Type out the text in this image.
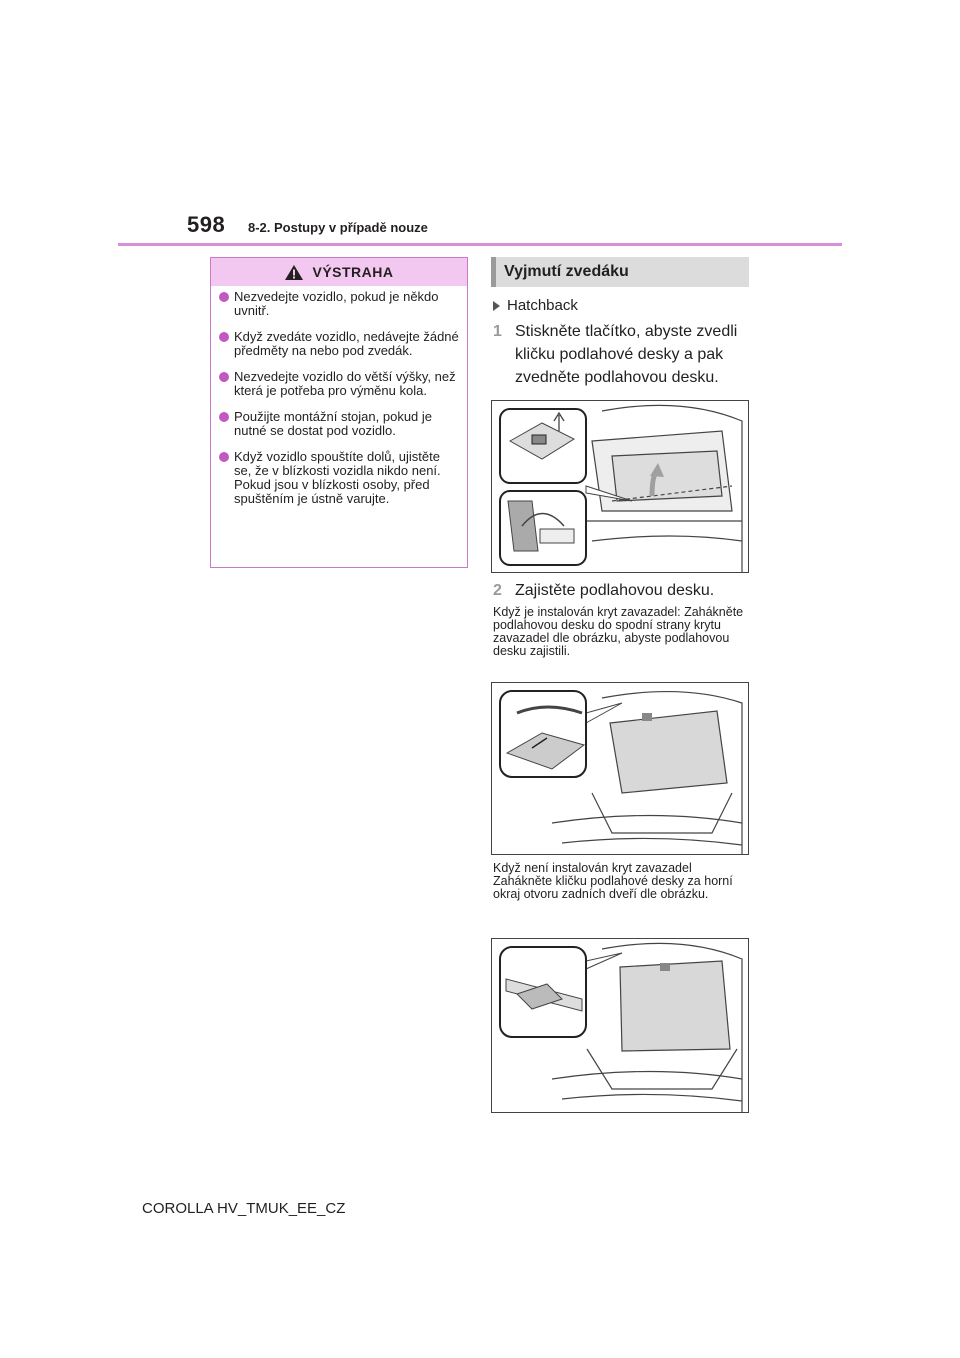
598 8-2. Postupy v případě nouze
VÝSTRAHA
Nezvedejte vozidlo, pokud je někdo uvnitř.
Když zvedáte vozidlo, nedávejte žádné předměty na nebo pod zvedák.
Nezvedejte vozidlo do větší výšky, než která je potřeba pro výměnu kola.
Použijte montážní stojan, pokud je nutné se dostat pod vozidlo.
Když vozidlo spouštíte dolů, ujistěte se, že v blízkosti vozidla nikdo není. Pokud jsou v blízkosti osoby, před spuštěním je ústně varujte.
Vyjmutí zvedáku
Hatchback
1 Stiskněte tlačítko, abyste zvedli kličku podlahové desky a pak zvedněte podlahovou desku.
2 Zajistěte podlahovou desku.
Když je instalován kryt zavazadel: Zahákněte podlahovou desku do spodní strany krytu zavazadel dle obrázku, abyste podlahovou desku zajistili.
Když není instalován kryt zavazadel Zahákněte kličku podlahové desky za horní okraj otvoru zadních dveří dle obrázku.
COROLLA HV_TMUK_EE_CZ
